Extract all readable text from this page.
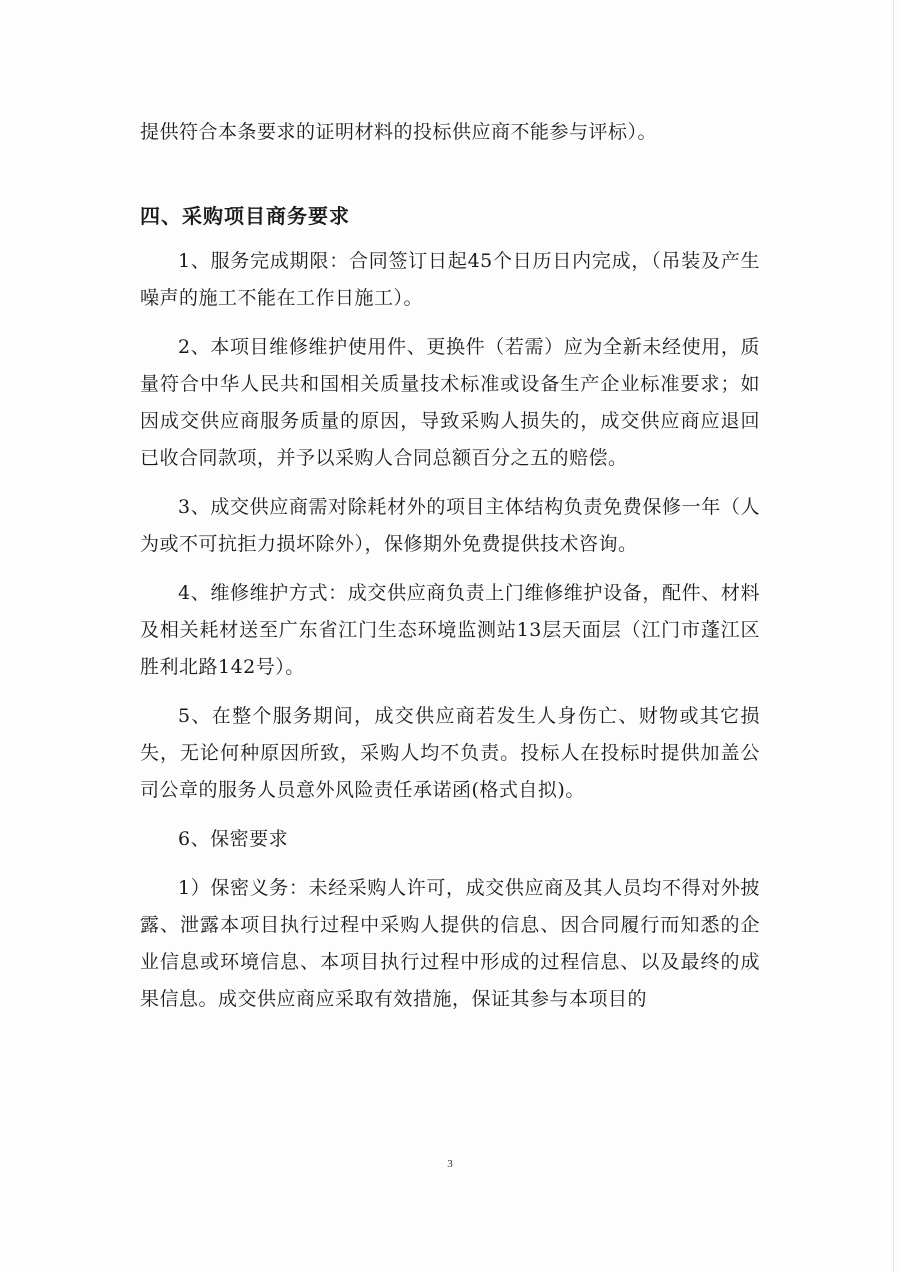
提供符合本条要求的证明材料的投标供应商不能参与评标）。

四、采购项目商务要求

1、服务完成期限：合同签订日起45个日历日内完成，（吊装及产生噪声的施工不能在工作日施工）。

2、本项目维修维护使用件、更换件（若需）应为全新未经使用，质量符合中华人民共和国相关质量技术标准或设备生产企业标准要求；如因成交供应商服务质量的原因，导致采购人损失的，成交供应商应退回已收合同款项，并予以采购人合同总额百分之五的赔偿。

3、成交供应商需对除耗材外的项目主体结构负责免费保修一年（人为或不可抗拒力损坏除外），保修期外免费提供技术咨询。

4、维修维护方式：成交供应商负责上门维修维护设备，配件、材料及相关耗材送至广东省江门生态环境监测站13层天面层（江门市蓬江区胜利北路142号）。

5、在整个服务期间，成交供应商若发生人身伤亡、财物或其它损失，无论何种原因所致，采购人均不负责。投标人在投标时提供加盖公司公章的服务人员意外风险责任承诺函(格式自拟)。

6、保密要求

1）保密义务：未经采购人许可，成交供应商及其人员均不得对外披露、泄露本项目执行过程中采购人提供的信息、因合同履行而知悉的企业信息或环境信息、本项目执行过程中形成的过程信息、以及最终的成果信息。成交供应商应采取有效措施，保证其参与本项目的

3
